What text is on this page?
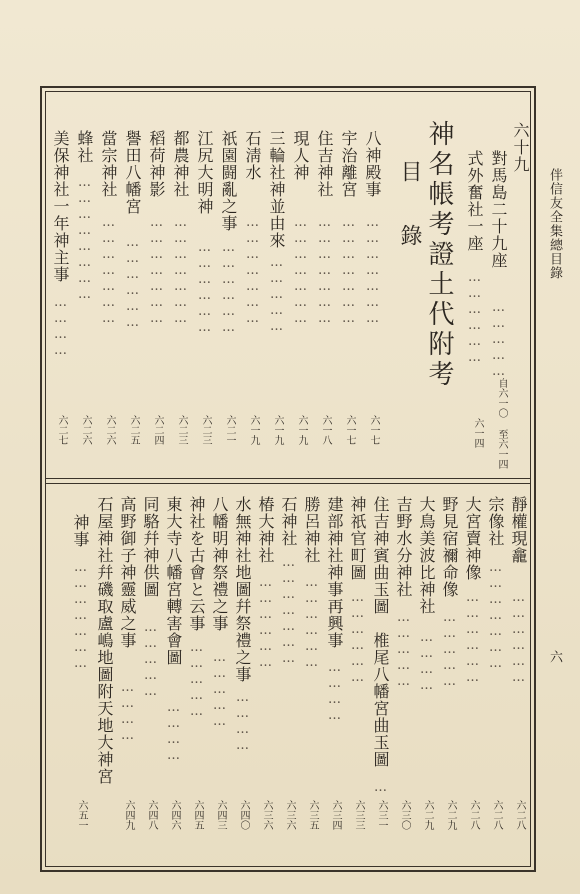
伴信友全集總目錄
六
六十九
對馬島二十九座
……………
自六一〇 至六一四
式外奮社一座
………………
六一四
神名帳考證土代附考
目　錄
八神殿事
六一七
宇治離宮
六一七
住吉神社
六一八
現人神
六一九
三輪社神並由來
六一九
石淸水
六一九
祇園闘亂之事
六二一
江尻大明神
六二三
都農神社
六二三
稻荷神影
六二四
譽田八幡宮
六二五
當宗神社
六二六
蜂社
六二六
美保神社一年神主事
六二七
…………………
…………………
…………………
…………………
……………
…………………
………………
………………
…………………
…………………
………………
…………………
……………………
…………
靜權現龕
六二八
宗像社
六二八
大宮賣神像
六二八
野見宿禰命像
六二九
大鳥美波比神社
六二九
吉野水分神社
六三〇
住吉神賓曲玉圖　椎尾八幡宮曲玉圖
六三一
神祇官町圖
六三三
建部神社神事再興事
六三四
勝呂神社
六三五
石神社
六三六
椿大神社
六三六
水無神社地圖幷祭禮之事
六四〇
八幡明神祭禮之事
六四三
神社を古會と云事
六四五
東大寺八幡宮轉害會圖
六四六
同駱幷神供圖
六四八
高野御子神靈威之事
六四九
石屋神社幷磯取盧嶋地圖附天地大神宮
神事
六五一
………………
…………………
………………
……………
…………
……………
…
………………
…………
………………
…………………
………………
…………
……………
……………
…………
……………
…………
…………………
